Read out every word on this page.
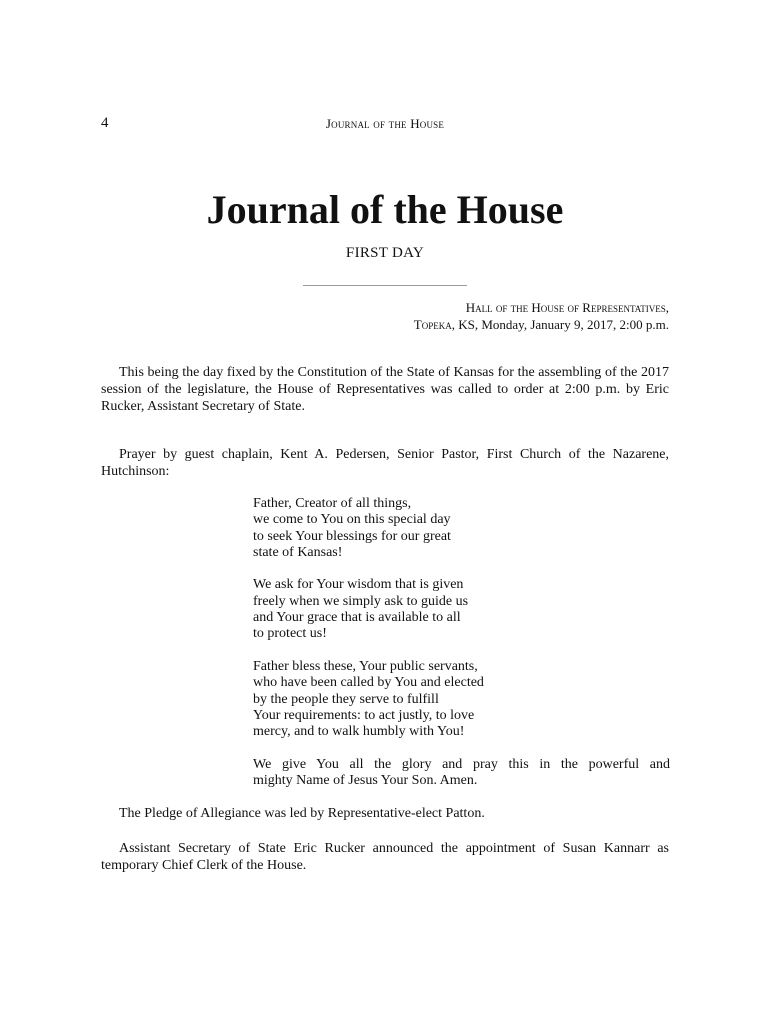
4	Journal of the House
Journal of the House
FIRST DAY
Hall of the House of Representatives,
Topeka, KS, Monday, January 9, 2017, 2:00 p.m.

This being the day fixed by the Constitution of the State of Kansas for the assembling of the 2017 session of the legislature, the House of Representatives was called to order at 2:00 p.m. by Eric Rucker, Assistant Secretary of State.

Prayer by guest chaplain, Kent A. Pedersen, Senior Pastor, First Church of the Nazarene, Hutchinson:

Father, Creator of all things,
we come to You on this special day
to seek Your blessings for our great
state of Kansas!
We ask for Your wisdom that is given
freely when we simply ask to guide us
and Your grace that is available to all
to protect us!
Father bless these, Your public servants,
who have been called by You and elected
by the people they serve to fulfill
Your requirements: to act justly, to love
mercy, and to walk humbly with You!
We give You all the glory and pray this in the powerful and
mighty Name of Jesus Your Son. Amen.

The Pledge of Allegiance was led by Representative-elect Patton.

Assistant Secretary of State Eric Rucker announced the appointment of Susan Kannarr as temporary Chief Clerk of the House.
